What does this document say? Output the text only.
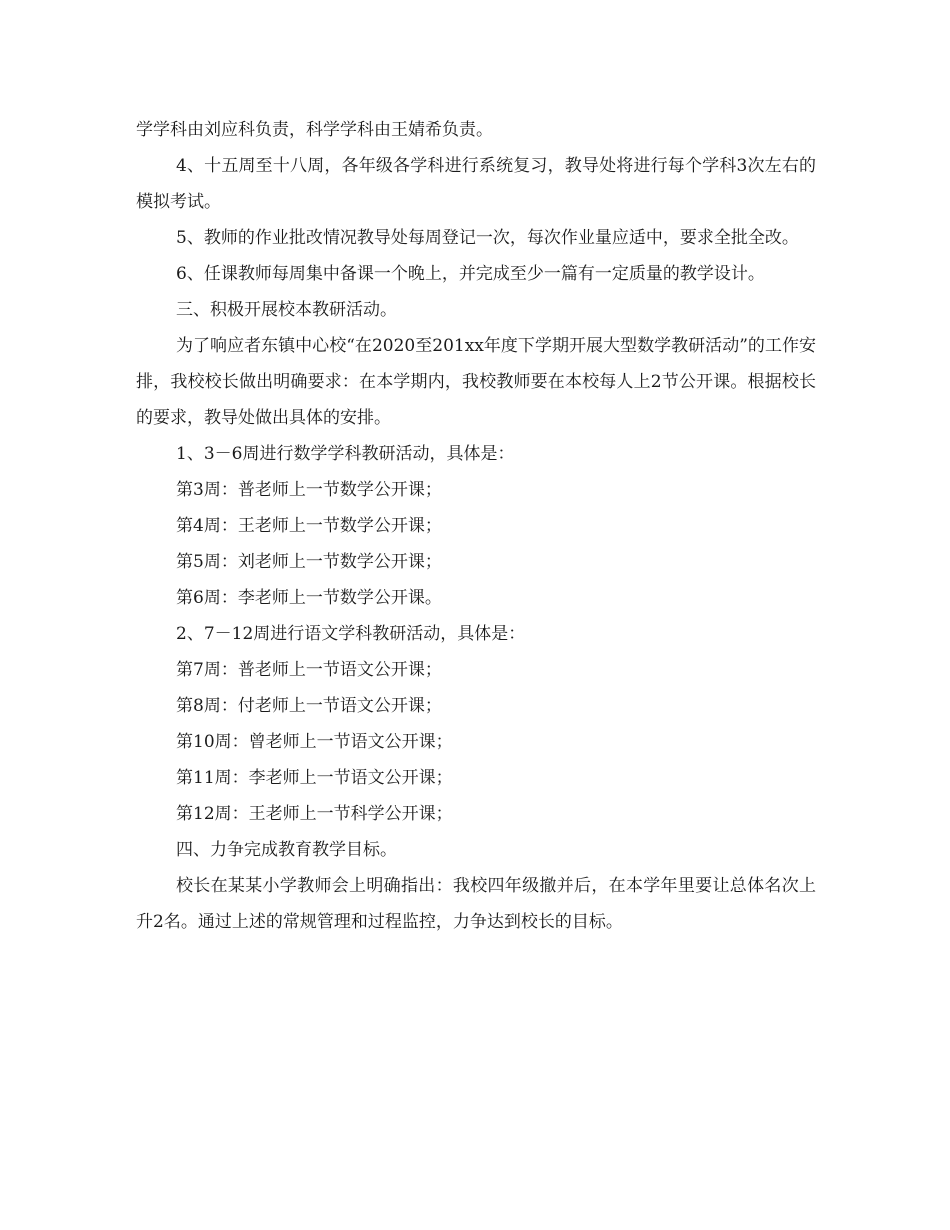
学学科由刘应科负责，科学学科由王婧希负责。

4、十五周至十八周，各年级各学科进行系统复习，教导处将进行每个学科3次左右的模拟考试。

5、教师的作业批改情况教导处每周登记一次，每次作业量应适中，要求全批全改。

6、任课教师每周集中备课一个晚上，并完成至少一篇有一定质量的教学设计。

三、积极开展校本教研活动。

为了响应者东镇中心校“在2020至201xx年度下学期开展大型数学教研活动”的工作安排，我校校长做出明确要求：在本学期内，我校教师要在本校每人上2节公开课。根据校长的要求，教导处做出具体的安排。

1、3－6周进行数学学科教研活动，具体是：

第3周：普老师上一节数学公开课；

第4周：王老师上一节数学公开课；

第5周：刘老师上一节数学公开课；

第6周：李老师上一节数学公开课。

2、7－12周进行语文学科教研活动，具体是：

第7周：普老师上一节语文公开课；

第8周：付老师上一节语文公开课；

第10周：曾老师上一节语文公开课；

第11周：李老师上一节语文公开课；

第12周：王老师上一节科学公开课；

四、力争完成教育教学目标。

校长在某某小学教师会上明确指出：我校四年级撤并后，在本学年里要让总体名次上升2名。通过上述的常规管理和过程监控，力争达到校长的目标。
